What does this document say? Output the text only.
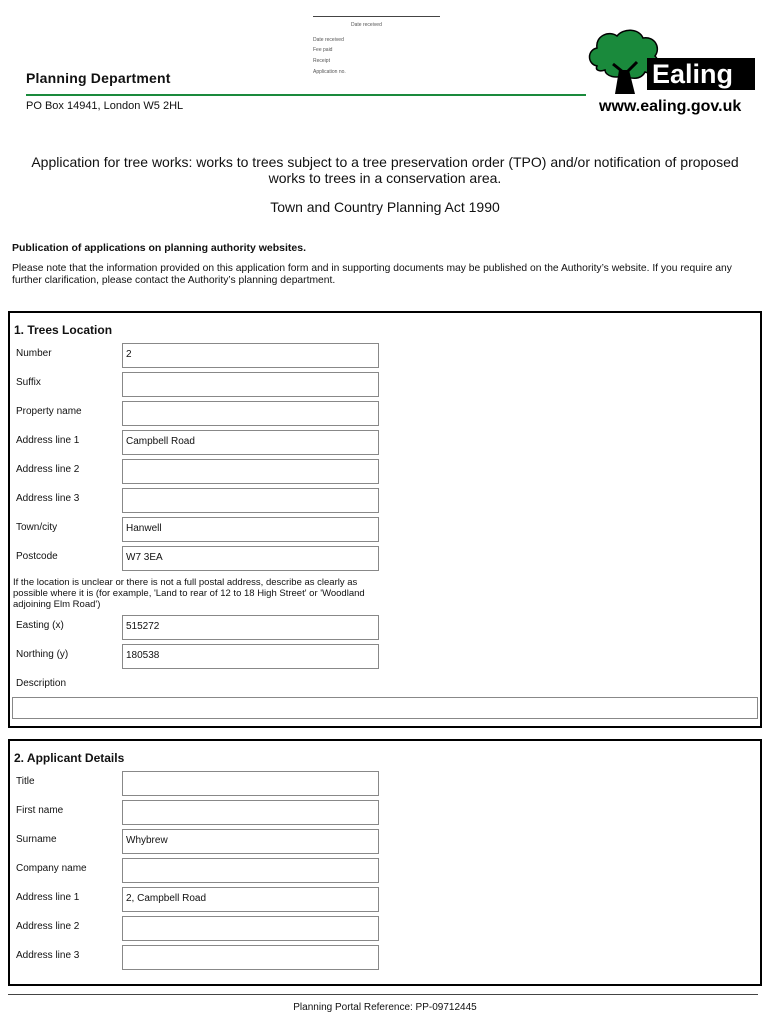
Date received
Date received
Fee paid
Receipt
Application no.
Planning Department
PO Box 14941, London W5 2HL
Ealing
www.ealing.gov.uk
Application for tree works: works to trees subject to a tree preservation order (TPO) and/or notification of proposed works to trees in a conservation area.
Town and Country Planning Act 1990
Publication of applications on planning authority websites.
Please note that the information provided on this application form and in supporting documents may be published on the Authority’s website. If you require any further clarification, please contact the Authority’s planning department.
1. Trees Location
Number	2
Suffix
Property name
Address line 1	Campbell Road
Address line 2
Address line 3
Town/city	Hanwell
Postcode	W7 3EA
If the location is unclear or there is not a full postal address, describe as clearly as possible where it is (for example, 'Land to rear of 12 to 18 High Street' or 'Woodland adjoining Elm Road')
Easting (x)	515272
Northing (y)	180538
Description
2. Applicant Details
Title
First name
Surname	Whybrew
Company name
Address line 1	2, Campbell Road
Address line 2
Address line 3
Planning Portal Reference: PP-09712445
